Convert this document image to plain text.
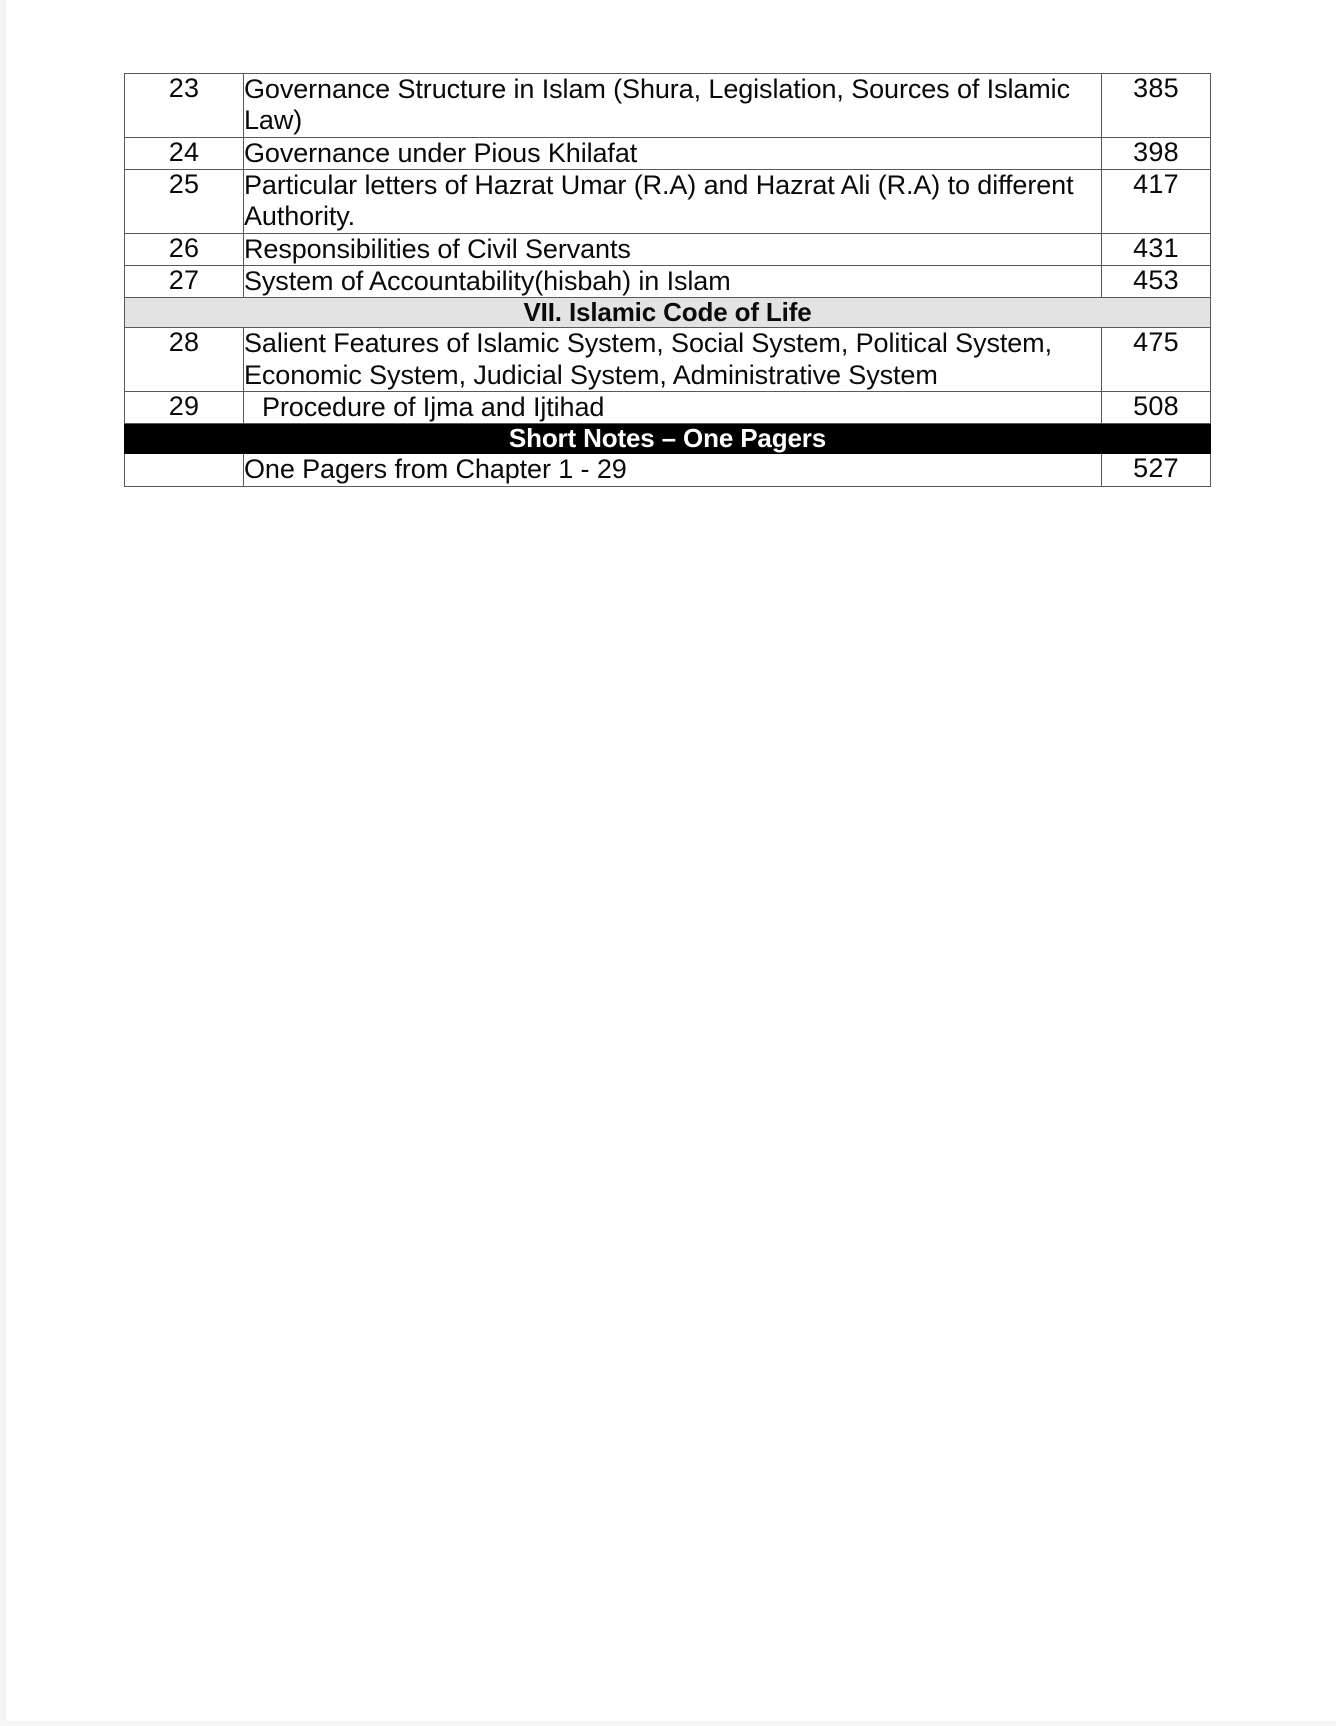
23	Governance Structure in Islam (Shura, Legislation, Sources of Islamic Law)	385
24	Governance under Pious Khilafat	398
25	Particular letters of Hazrat Umar (R.A) and Hazrat Ali (R.A) to different Authority.	417
26	Responsibilities of Civil Servants	431
27	System of Accountability(hisbah) in Islam	453
VII. Islamic Code of Life		
28	Salient Features of Islamic System, Social System, Political System, Economic System, Judicial System, Administrative System	475
29	Procedure of Ijma and Ijtihad	508
Short Notes – One Pagers		
	One Pagers from Chapter 1 - 29	527
